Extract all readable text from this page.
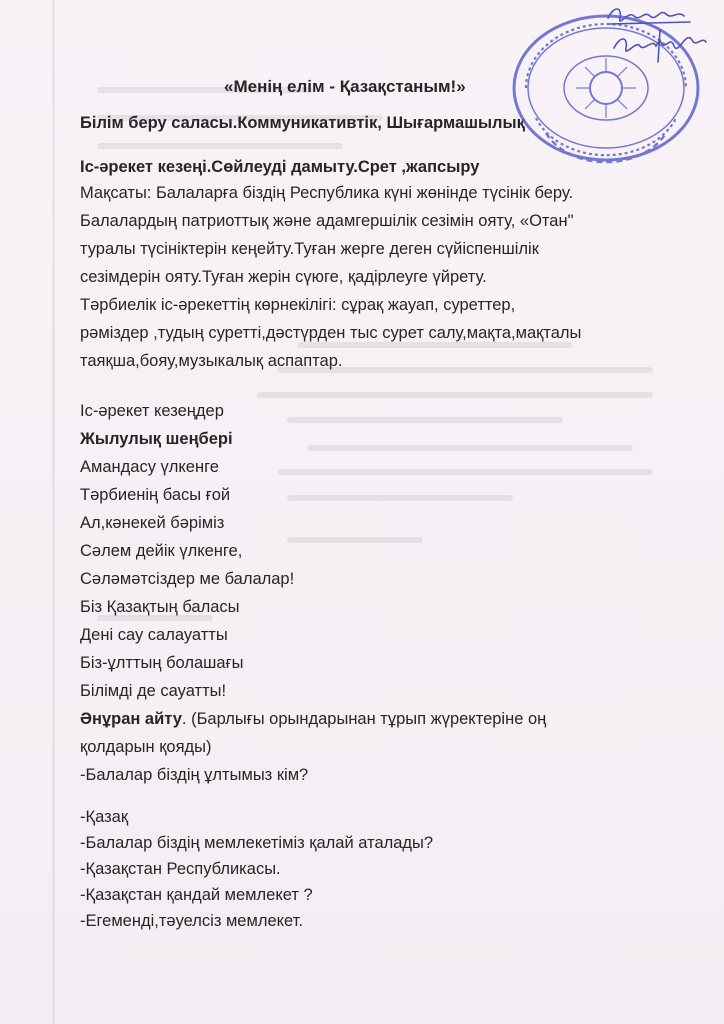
«Менің елім - Қазақстаным!»
Білім беру саласы.Коммуникативтік, Шығармашылық
Іс-әрекет кезеңі.Сөйлеуді дамыту.Срет ,жапсыру
Мақсаты: Балаларға біздің Республика күні жөнінде түсінік беру.
Балалардың патриоттық және адамгершілік сезімін ояту, «Отан"
туралы түсініктерін кеңейту.Туған жерге деген сүйіспеншілік
сезімдерін ояту.Туған жерін сүюге, қадірлеуге үйрету.
Тәрбиелік іс-әрекеттің көрнекілігі: сұрақ жауап, суреттер,
рәміздер ,тудың суретті,дәстүрден тыс сурет салу,мақта,мақталы
таяқша,бояу,музыкалық аспаптар.
Іс-әрекет кезеңдер
Жылулық шеңбері
Амандасу үлкенге
Тәрбиенің басы ғой
Ал,кәнекей бәріміз
Сәлем дейік үлкенге,
Сәләмәтсіздер ме балалар!
Біз Қазақтың баласы
Дені сау салауатты
Біз-ұлттың болашағы
Білімді де сауатты!
Әнұран айту. (Барлығы орындарынан тұрып жүректеріне оң
қолдарын қояды)
-Балалар біздің ұлтымыз кім?
-Қазақ
-Балалар біздің мемлекетіміз қалай аталады?
-Қазақстан Республикасы.
-Қазақстан қандай мемлекет ?
-Егеменді,тәуелсіз мемлекет.
